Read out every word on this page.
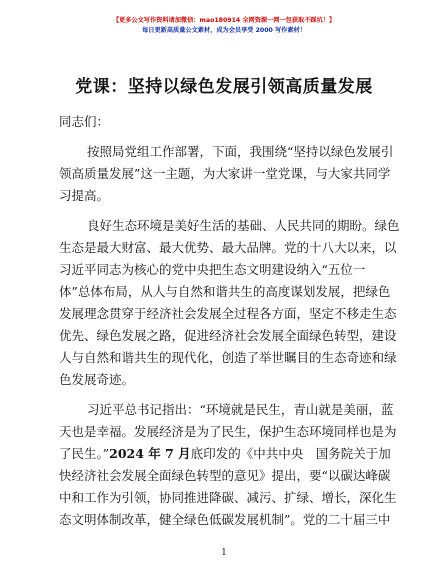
【更多公文写作资料请加微信：mao180914 全网资源一网一包获取不踩坑！】
每日更新高质量公文素材，成为会员享受 2000 写作素材！
党课：坚持以绿色发展引领高质量发展
同志们：
按照局党组工作部署，下面，我围绕“坚持以绿色发展引
领高质量发展”这一主题，为大家讲一堂党课，与大家共同学
习提高。
良好生态环境是美好生活的基础、人民共同的期盼。绿色
生态是最大财富、最大优势、最大品牌。党的十八大以来，以
习近平同志为核心的党中央把生态文明建设纳入“五位一
体”总体布局，从人与自然和谐共生的高度谋划发展，把绿色
发展理念贯穿于经济社会发展全过程各方面，坚定不移走生态
优先、绿色发展之路，促进经济社会发展全面绿色转型，建设
人与自然和谐共生的现代化，创造了举世瞩目的生态奇迹和绿
色发展奇迹。
习近平总书记指出：“环境就是民生，青山就是美丽，蓝
天也是幸福。发展经济是为了民生，保护生态环境同样也是为
了民生。”2024 年 7 月底印发的《中共中央　国务院关于加
快经济社会发展全面绿色转型的意见》提出，要“以碳达峰碳
中和工作为引领，协同推进降碳、减污、扩绿、增长，深化生
态文明体制改革，健全绿色低碳发展机制”。党的二十届三中
1
